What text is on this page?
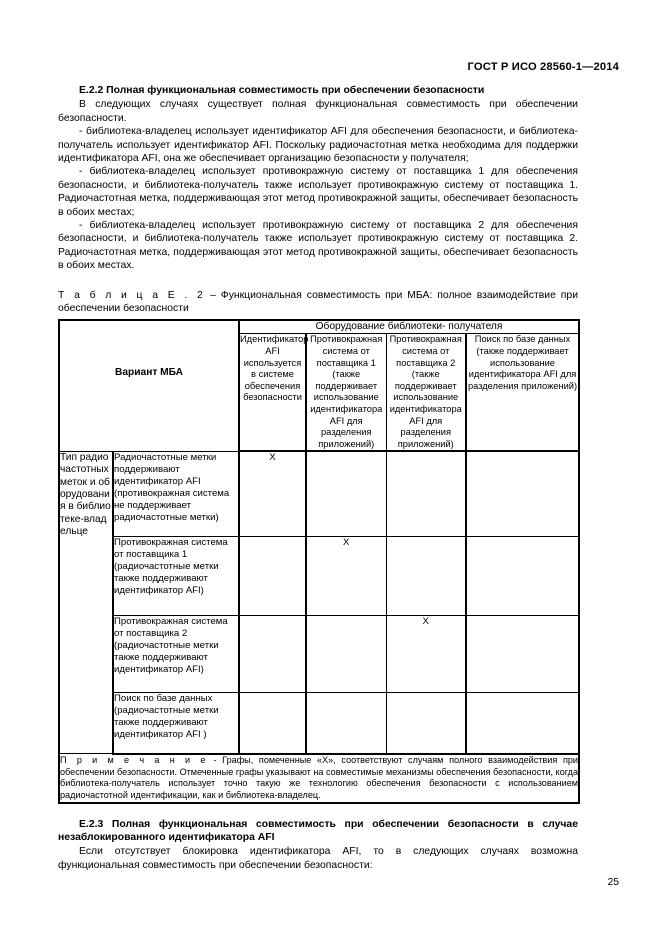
ГОСТ Р ИСО 28560-1—2014
E.2.2 Полная функциональная совместимость при обеспечении безопасности

В следующих случаях существует полная функциональная совместимость при обеспечении безопасности.

- библиотека-владелец использует идентификатор AFI для обеспечения безопасности, и библиотека-получатель использует идентификатор AFI. Поскольку радиочастотная метка необходима для поддержки идентификатора AFI, она же обеспечивает организацию безопасности у получателя;

- библиотека-владелец использует противокражную систему от поставщика 1 для обеспечения безопасности, и библиотека-получатель также использует противокражную систему от поставщика 1. Радиочастотная метка, поддерживающая этот метод противокражной защиты, обеспечивает безопасность в обоих местах;

- библиотека-владелец использует противокражную систему от поставщика 2 для обеспечения безопасности, и библиотека-получатель также использует противокражную систему от поставщика 2. Радиочастотная метка, поддерживающая этот метод противокражной защиты, обеспечивает безопасность в обоих местах.

Т а б л и ц а Е . 2 – Функциональная совместимость при МБА: полное взаимодействие при обеспечении безопасности

Вариант МБА		Оборудование библиотеки- получателя			
		Идентификатор AFI используется в системе обеспечения безопасности	Противокражная система от поставщика 1 (также поддерживает использование идентификатора AFI для разделения приложений)	Противокражная система от поставщика 2 (также поддерживает использование идентификатора AFI для разделения приложений)	Поиск по базе данных (также поддерживает использование идентификатора AFI для разделения приложений)
Тип радиочастотных меток и оборудования в библиотеке-владельце	Радиочастотные метки поддерживают идентификатор AFI (противокражная система не поддерживает радиочастотные метки)	X			
	Противокражная система от поставщика 1 (радиочастотные метки также поддерживают идентификатор AFI)		X		
	Противокражная система от поставщика 2 (радиочастотные метки также поддерживают идентификатор AFI)			X	
	Поиск по базе данных (радиочастотные метки также поддерживают идентификатор AFI )				
П р и м е ч а н и е - Графы, помеченные «Х», соответствуют случаям полного взаимодействия при обеспечении безопасности. Отмеченные графы указывают на совместимые механизмы обеспечения безопасности, когда библиотека-получатель использует точно такую же технологию обеспечения безопасности с использованием радиочастотной идентификации, как и библиотека-владелец.					
E.2.3 Полная функциональная совместимость при обеспечении безопасности в случае незаблокированного идентификатора AFI

Если отсутствует блокировка идентификатора AFI, то в следующих случаях возможна функциональная совместимость при обеспечении безопасности:

25
